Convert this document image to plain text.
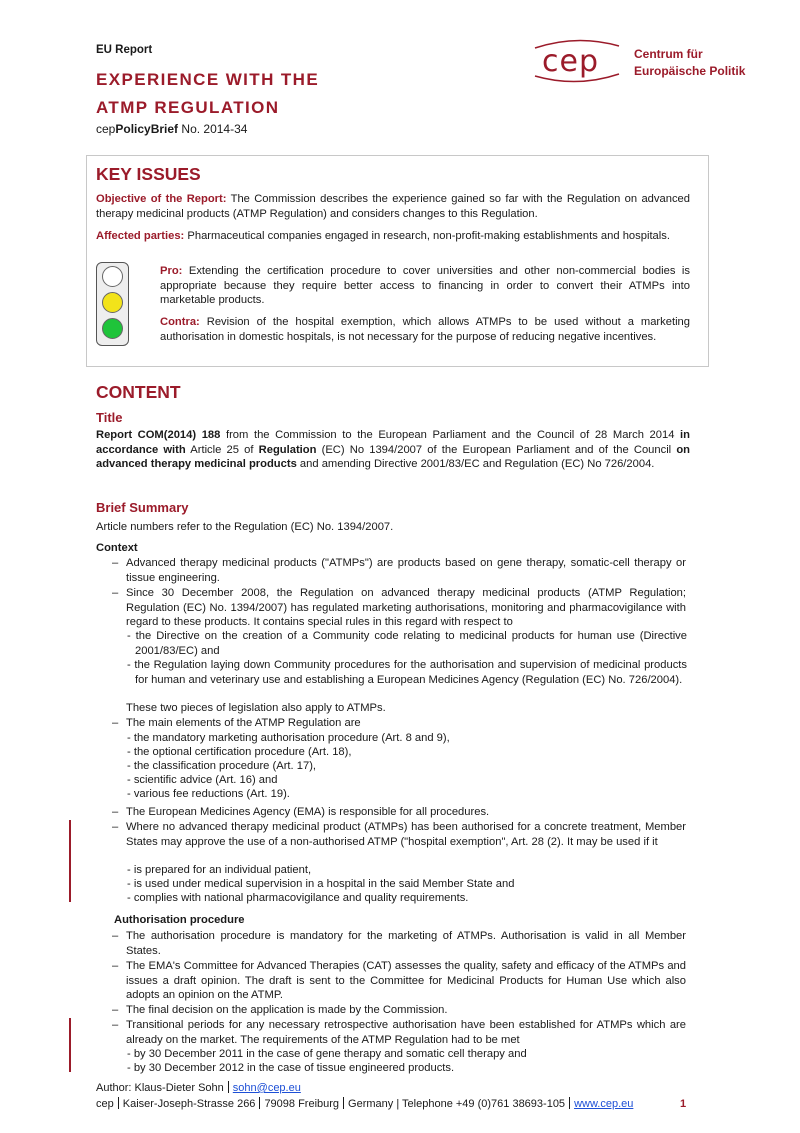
EU Report
EXPERIENCE WITH THE
ATMP REGULATION
cepPolicyBrief No. 2014-34
cep	Centrum für
Europäische Politik
KEY ISSUES
Objective of the Report: The Commission describes the experience gained so far with the Regulation on advanced therapy medicinal products (ATMP Regulation) and considers changes to this Regulation.
Affected parties: Pharmaceutical companies engaged in research, non-profit-making establishments and hospitals.
Pro: Extending the certification procedure to cover universities and other non-commercial bodies is appropriate because they require better access to financing in order to convert their ATMPs into marketable products.
Contra: Revision of the hospital exemption, which allows ATMPs to be used without a marketing authorisation in domestic hospitals, is not necessary for the purpose of reducing negative incentives.
CONTENT
Title
Report COM(2014) 188 from the Commission to the European Parliament and the Council of 28 March 2014 in accordance with Article 25 of Regulation (EC) No 1394/2007 of the European Parliament and of the Council on advanced therapy medicinal products and amending Directive 2001/83/EC and Regulation (EC) No 726/2004.
Brief Summary
Article numbers refer to the Regulation (EC) No. 1394/2007.
Context
– Advanced therapy medicinal products ("ATMPs") are products based on gene therapy, somatic-cell therapy or tissue engineering.
– Since 30 December 2008, the Regulation on advanced therapy medicinal products (ATMP Regulation; Regulation (EC) No. 1394/2007) has regulated marketing authorisations, monitoring and pharmacovigilance with regard to these products. It contains special rules in this regard with respect to
- the Directive on the creation of a Community code relating to medicinal products for human use (Directive 2001/83/EC) and
- the Regulation laying down Community procedures for the authorisation and supervision of medicinal products for human and veterinary use and establishing a European Medicines Agency (Regulation (EC) No. 726/2004).
These two pieces of legislation also apply to ATMPs.
– The main elements of the ATMP Regulation are
- the mandatory marketing authorisation procedure (Art. 8 and 9),
- the optional certification procedure (Art. 18),
- the classification procedure (Art. 17),
- scientific advice (Art. 16) and
- various fee reductions (Art. 19).
– The European Medicines Agency (EMA) is responsible for all procedures.
– Where no advanced therapy medicinal product (ATMPs) has been authorised for a concrete treatment, Member States may approve the use of a non-authorised ATMP ("hospital exemption", Art. 28 (2). It may be used if it
- is prepared for an individual patient,
- is used under medical supervision in a hospital in the said Member State and
- complies with national pharmacovigilance and quality requirements.
Authorisation procedure
– The authorisation procedure is mandatory for the marketing of ATMPs. Authorisation is valid in all Member States.
– The EMA's Committee for Advanced Therapies (CAT) assesses the quality, safety and efficacy of the ATMPs and issues a draft opinion. The draft is sent to the Committee for Medicinal Products for Human Use which also adopts an opinion on the ATMP.
– The final decision on the application is made by the Commission.
– Transitional periods for any necessary retrospective authorisation have been established for ATMPs which are already on the market. The requirements of the ATMP Regulation had to be met
- by 30 December 2011 in the case of gene therapy and somatic cell therapy and
- by 30 December 2012 in the case of tissue engineered products.
Author: Klaus-Dieter Sohn sohn@cep.eu
cep Kaiser-Joseph-Strasse 266 79098 Freiburg Germany | Telephone +49 (0)761 38693-105 www.cep.eu	1
